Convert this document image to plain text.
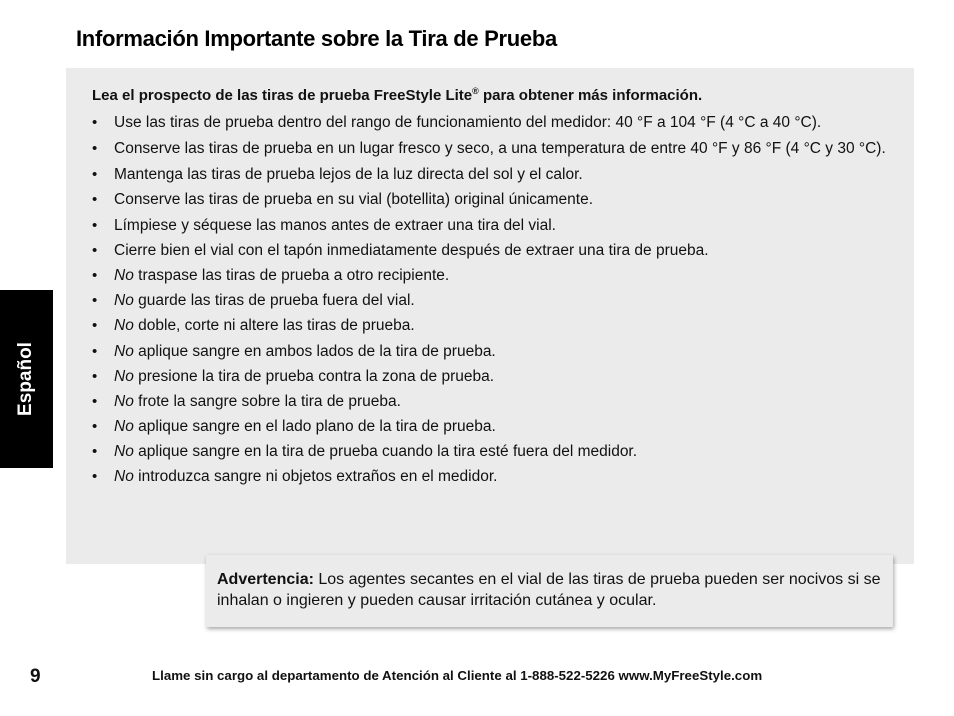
Información Importante sobre la Tira de Prueba
Español

Lea el prospecto de las tiras de prueba FreeStyle Lite® para obtener más información.

• Use las tiras de prueba dentro del rango de funcionamiento del medidor: 40 °F a 104 °F (4 °C a 40 °C).
• Conserve las tiras de prueba en un lugar fresco y seco, a una temperatura de entre 40 °F y 86 °F (4 °C y 30 °C).
• Mantenga las tiras de prueba lejos de la luz directa del sol y el calor.
• Conserve las tiras de prueba en su vial (botellita) original únicamente.
• Límpiese y séquese las manos antes de extraer una tira del vial.
• Cierre bien el vial con el tapón inmediatamente después de extraer una tira de prueba.
• No traspase las tiras de prueba a otro recipiente.
• No guarde las tiras de prueba fuera del vial.
• No doble, corte ni altere las tiras de prueba.
• No aplique sangre en ambos lados de la tira de prueba.
• No presione la tira de prueba contra la zona de prueba.
• No frote la sangre sobre la tira de prueba.
• No aplique sangre en el lado plano de la tira de prueba.
• No aplique sangre en la tira de prueba cuando la tira esté fuera del medidor.
• No introduzca sangre ni objetos extraños en el medidor.
Advertencia: Los agentes secantes en el vial de las tiras de prueba pueden ser nocivos si se inhalan o ingieren y pueden causar irritación cutánea y ocular.
9	Llame sin cargo al departamento de Atención al Cliente al 1-888-522-5226 www.MyFreeStyle.com
